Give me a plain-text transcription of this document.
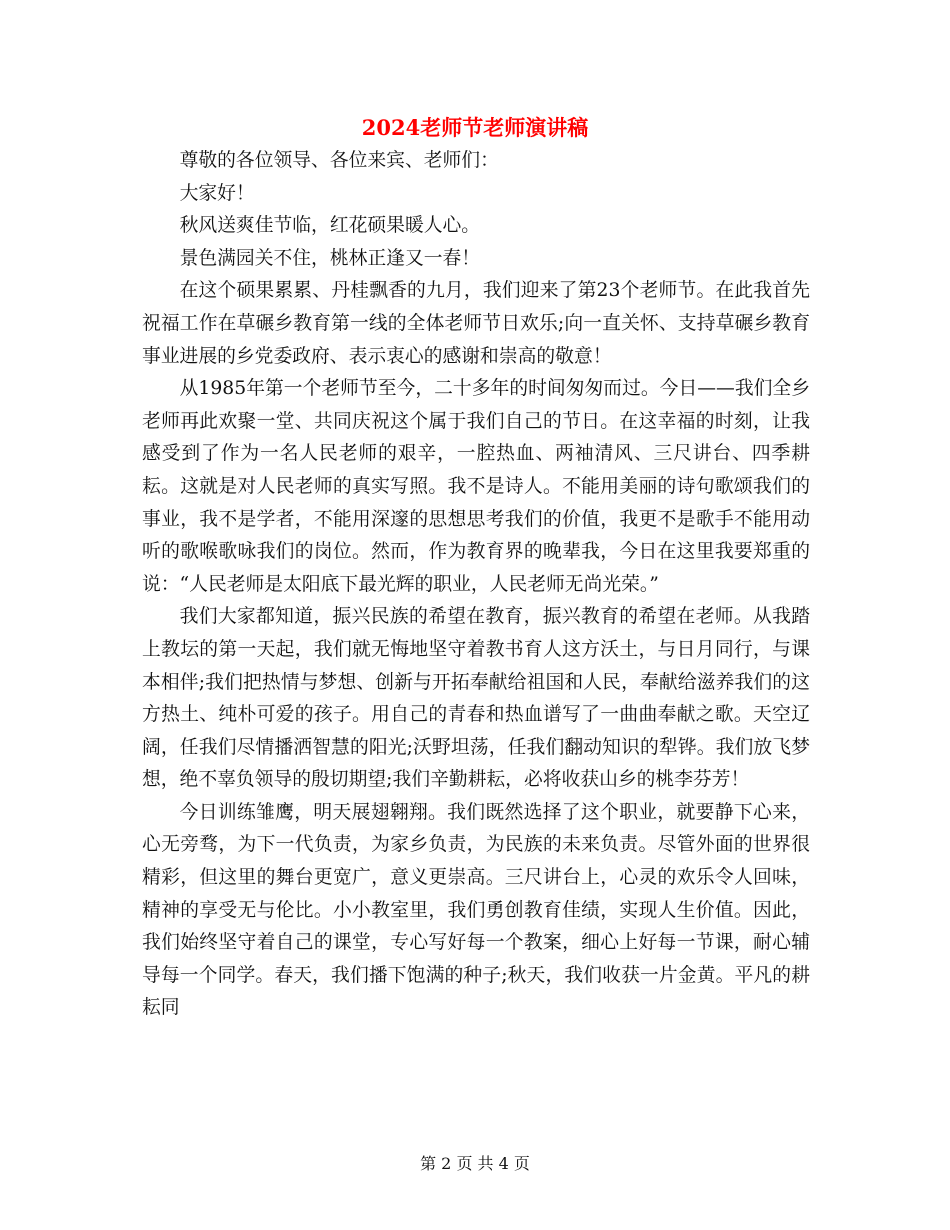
2024老师节老师演讲稿

尊敬的各位领导、各位来宾、老师们：

大家好！

秋风送爽佳节临，红花硕果暖人心。

景色满园关不住，桃林正逢又一春！

在这个硕果累累、丹桂飘香的九月，我们迎来了第23个老师节。在此我首先祝福工作在草碾乡教育第一线的全体老师节日欢乐;向一直关怀、支持草碾乡教育事业进展的乡党委政府、表示衷心的感谢和崇高的敬意！

从1985年第一个老师节至今，二十多年的时间匆匆而过。今日——我们全乡老师再此欢聚一堂、共同庆祝这个属于我们自己的节日。在这幸福的时刻，让我感受到了作为一名人民老师的艰辛，一腔热血、两袖清风、三尺讲台、四季耕耘。这就是对人民老师的真实写照。我不是诗人。不能用美丽的诗句歌颂我们的事业，我不是学者，不能用深邃的思想思考我们的价值，我更不是歌手不能用动听的歌喉歌咏我们的岗位。然而，作为教育界的晚辈我，今日在这里我要郑重的说：“人民老师是太阳底下最光辉的职业，人民老师无尚光荣。”

我们大家都知道，振兴民族的希望在教育，振兴教育的希望在老师。从我踏上教坛的第一天起，我们就无悔地坚守着教书育人这方沃土，与日月同行，与课本相伴;我们把热情与梦想、创新与开拓奉献给祖国和人民，奉献给滋养我们的这方热土、纯朴可爱的孩子。用自己的青春和热血谱写了一曲曲奉献之歌。天空辽阔，任我们尽情播洒智慧的阳光;沃野坦荡，任我们翻动知识的犁铧。我们放飞梦想，绝不辜负领导的殷切期望;我们辛勤耕耘，必将收获山乡的桃李芬芳！

今日训练雏鹰，明天展翅翱翔。我们既然选择了这个职业，就要静下心来，心无旁骛，为下一代负责，为家乡负责，为民族的未来负责。尽管外面的世界很精彩，但这里的舞台更宽广，意义更崇高。三尺讲台上，心灵的欢乐令人回味，精神的享受无与伦比。小小教室里，我们勇创教育佳绩，实现人生价值。因此，我们始终坚守着自己的课堂，专心写好每一个教案，细心上好每一节课，耐心辅导每一个同学。春天，我们播下饱满的种子;秋天，我们收获一片金黄。平凡的耕耘同

第 2 页 共 4 页
